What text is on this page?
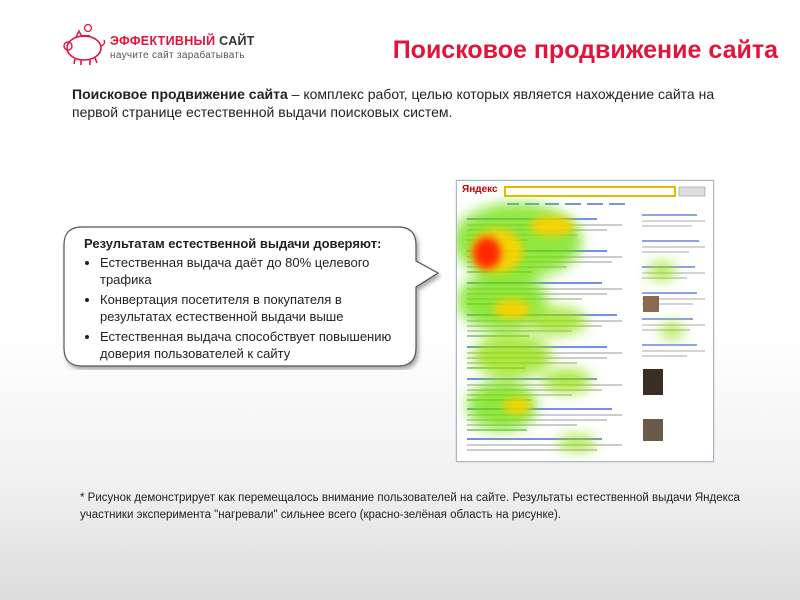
ЭФФЕКТИВНЫЙ САЙТ
научите сайт зарабатывать	Поисковое продвижение сайта
Поисковое продвижение сайта – комплекс работ, целью которых является нахождение сайта на первой странице естественной выдачи поисковых систем.
Результатам естественной выдачи доверяют:
• Естественная выдача даёт до 80% целевого трафика
• Конвертация посетителя в покупателя в результатах естественной выдачи выше
• Естественная выдача способствует повышению доверия пользователей к сайту
Яндекс
* Рисунок демонстрирует как перемещалось внимание пользователей на сайте. Результаты естественной выдачи Яндекса участники эксперимента "нагревали" сильнее всего (красно-зелёная область на рисунке).
